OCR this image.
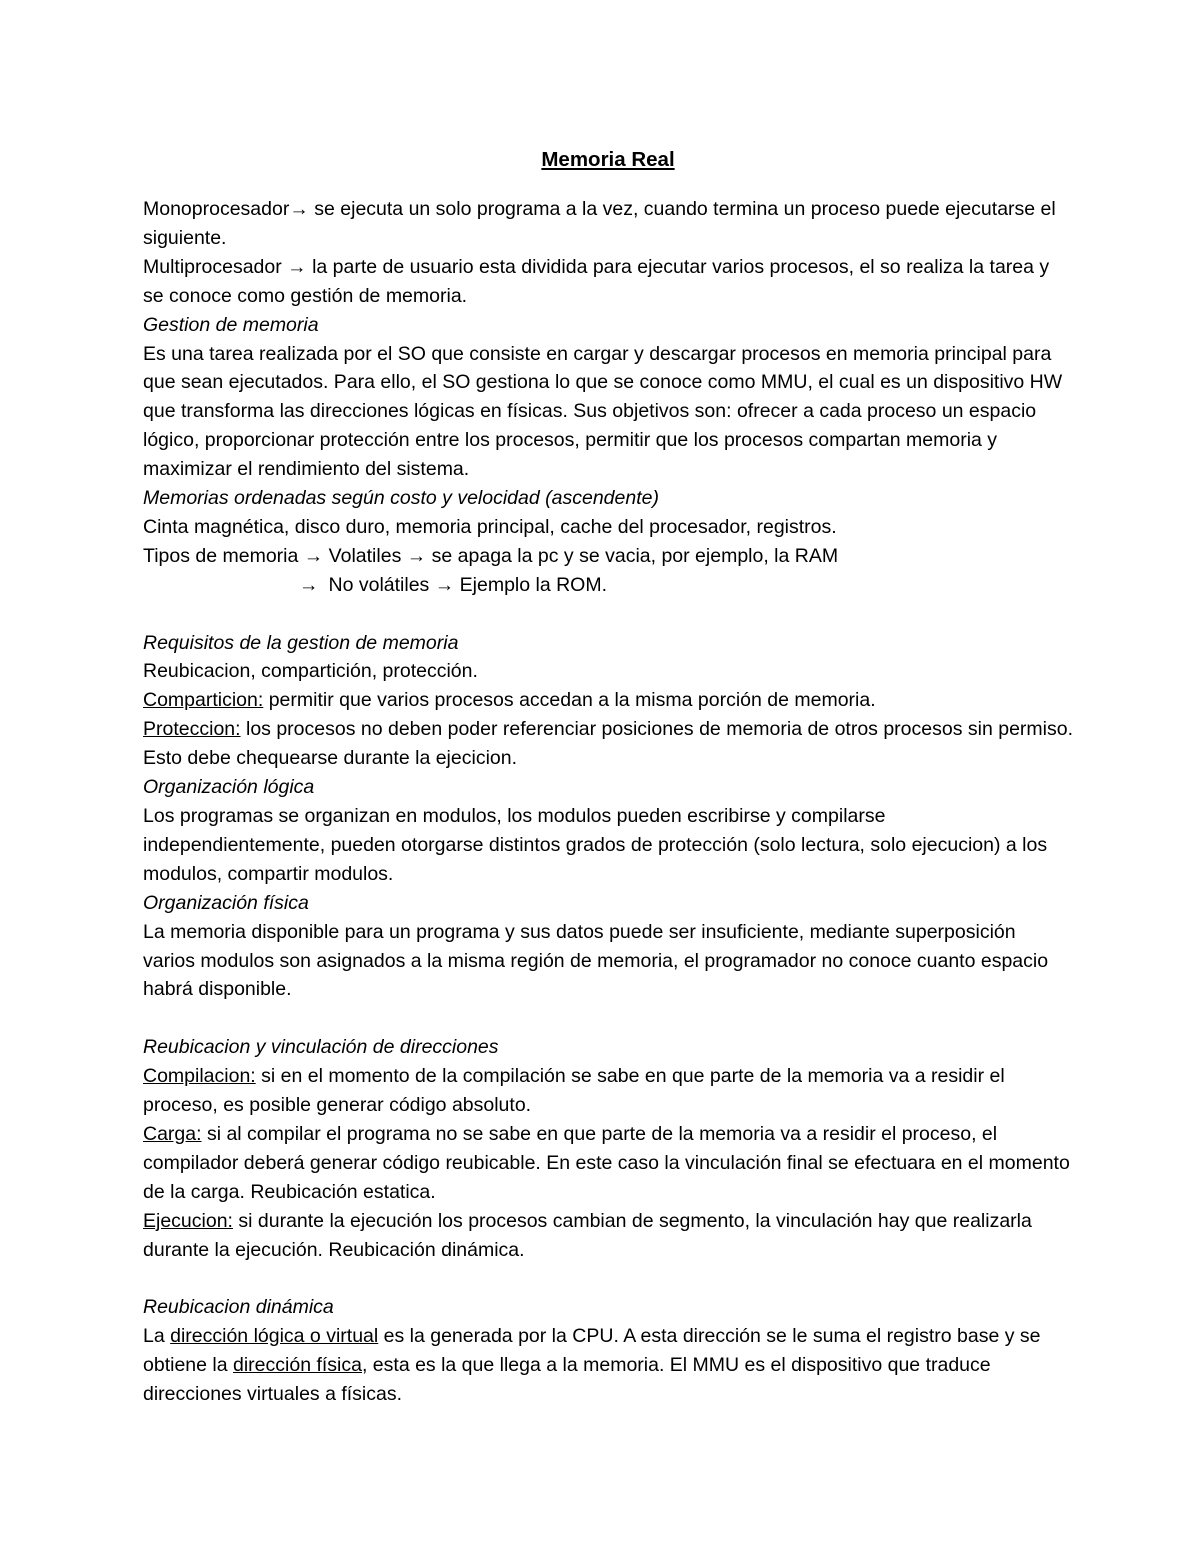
Memoria Real

Monoprocesador→ se ejecuta un solo programa a la vez, cuando termina un proceso puede ejecutarse el siguiente.

Multiprocesador → la parte de usuario esta dividida para ejecutar varios procesos, el so realiza la tarea y se conoce como gestión de memoria.

Gestion de memoria

Es una tarea realizada por el SO que consiste en cargar y descargar procesos en memoria principal para que sean ejecutados. Para ello, el SO gestiona lo que se conoce como MMU, el cual es un dispositivo HW que transforma las direcciones lógicas en físicas. Sus objetivos son: ofrecer a cada proceso un espacio lógico, proporcionar protección entre los procesos, permitir que los procesos compartan memoria y maximizar el rendimiento del sistema.

Memorias ordenadas según costo y velocidad (ascendente)

Cinta magnética, disco duro, memoria principal, cache del procesador, registros.

Tipos de memoria → Volatiles → se apaga la pc y se vacia, por ejemplo, la RAM

→ No volátiles → Ejemplo la ROM.

Requisitos de la gestion de memoria

Reubicacion, compartición, protección.

Comparticion: permitir que varios procesos accedan a la misma porción de memoria.

Proteccion: los procesos no deben poder referenciar posiciones de memoria de otros procesos sin permiso. Esto debe chequearse durante la ejecicion.

Organización lógica

Los programas se organizan en modulos, los modulos pueden escribirse y compilarse independientemente, pueden otorgarse distintos grados de protección (solo lectura, solo ejecucion) a los modulos, compartir modulos.

Organización física

La memoria disponible para un programa y sus datos puede ser insuficiente, mediante superposición varios modulos son asignados a la misma región de memoria, el programador no conoce cuanto espacio habrá disponible.

Reubicacion y vinculación de direcciones

Compilacion: si en el momento de la compilación se sabe en que parte de la memoria va a residir el proceso, es posible generar código absoluto.

Carga: si al compilar el programa no se sabe en que parte de la memoria va a residir el proceso, el compilador deberá generar código reubicable. En este caso la vinculación final se efectuara en el momento de la carga. Reubicación estatica.

Ejecucion: si durante la ejecución los procesos cambian de segmento, la vinculación hay que realizarla durante la ejecución. Reubicación dinámica.

Reubicacion dinámica

La dirección lógica o virtual es la generada por la CPU. A esta dirección se le suma el registro base y se obtiene la dirección física, esta es la que llega a la memoria. El MMU es el dispositivo que traduce direcciones virtuales a físicas.
